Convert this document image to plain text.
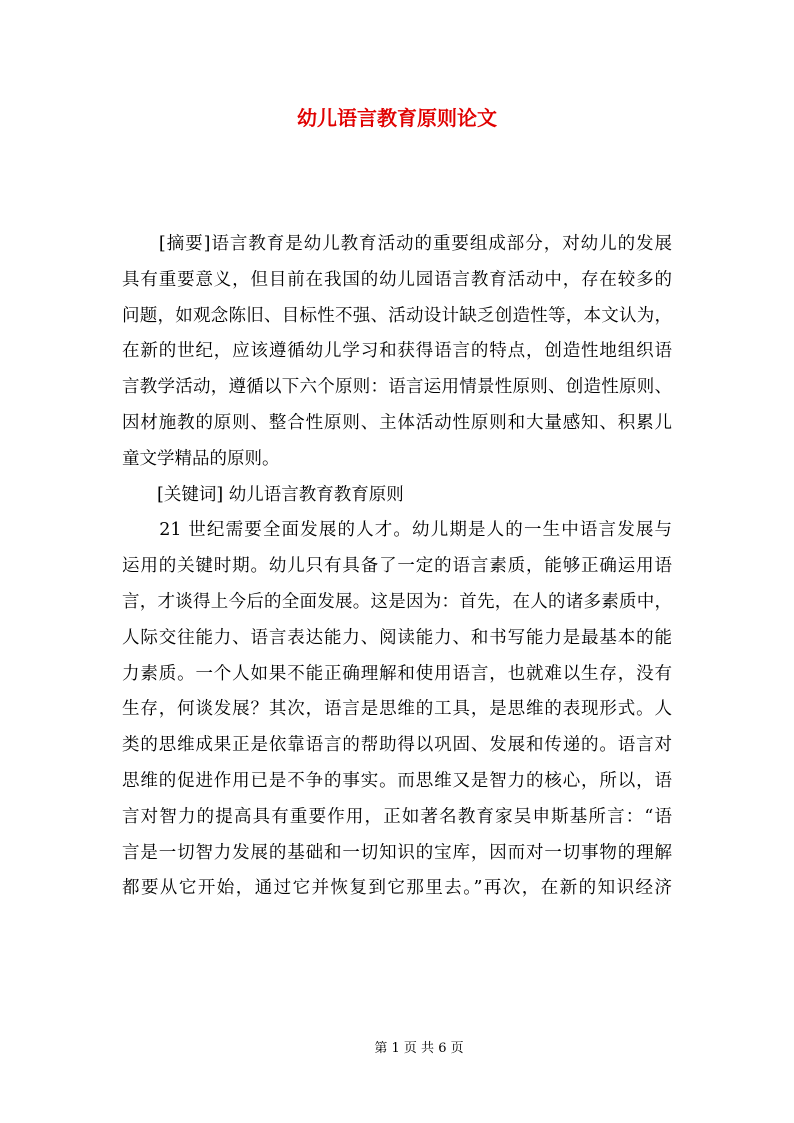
幼儿语言教育原则论文
　　[摘要]语言教育是幼儿教育活动的重要组成部分，对幼儿的发展
具有重要意义，但目前在我国的幼儿园语言教育活动中，存在较多的
问题，如观念陈旧、目标性不强、活动设计缺乏创造性等，本文认为，
在新的世纪，应该遵循幼儿学习和获得语言的特点，创造性地组织语
言教学活动，遵循以下六个原则：语言运用情景性原则、创造性原则、
因材施教的原则、整合性原则、主体活动性原则和大量感知、积累儿
童文学精品的原则。
　　[关键词] 幼儿语言教育教育原则
　　21 世纪需要全面发展的人才。幼儿期是人的一生中语言发展与
运用的关键时期。幼儿只有具备了一定的语言素质，能够正确运用语
言，才谈得上今后的全面发展。这是因为：首先，在人的诸多素质中，
人际交往能力、语言表达能力、阅读能力、和书写能力是最基本的能
力素质。一个人如果不能正确理解和使用语言，也就难以生存，没有
生存，何谈发展？其次，语言是思维的工具，是思维的表现形式。人
类的思维成果正是依靠语言的帮助得以巩固、发展和传递的。语言对
思维的促进作用已是不争的事实。而思维又是智力的核心，所以，语
言对智力的提高具有重要作用，正如著名教育家吴申斯基所言：“语
言是一切智力发展的基础和一切知识的宝库，因而对一切事物的理解
都要从它开始，通过它并恢复到它那里去。”再次，在新的知识经济
第 1 页 共 6 页
